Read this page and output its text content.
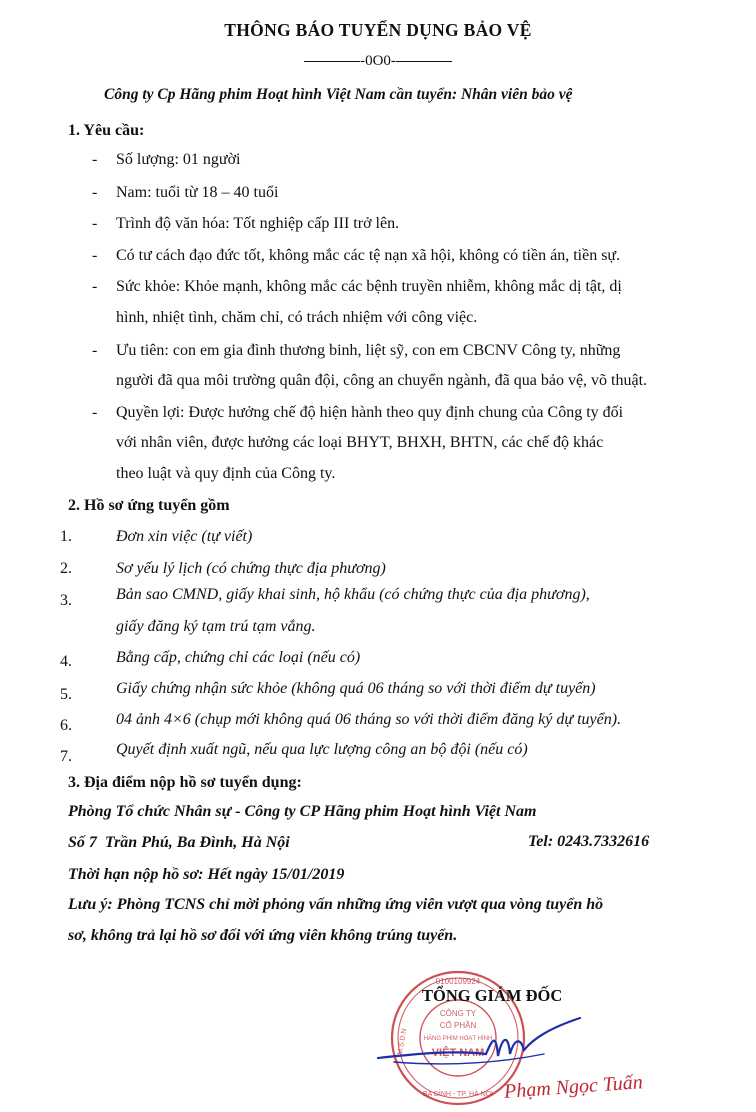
THÔNG BÁO TUYỂN DỤNG BẢO VỆ
-0O0-
Công ty Cp Hãng phim Hoạt hình Việt Nam cần tuyển: Nhân viên bảo vệ
1. Yêu cầu:
- Số lượng: 01 người
- Nam: tuổi từ 18 – 40 tuổi
- Trình độ văn hóa: Tốt nghiệp cấp III trở lên.
- Có tư cách đạo đức tốt, không mắc các tệ nạn xã hội, không có tiền án, tiền sự.
- Sức khỏe: Khỏe mạnh, không mắc các bệnh truyền nhiễm, không mắc dị tật, dị
hình, nhiệt tình, chăm chỉ, có trách nhiệm với công việc.
- Ưu tiên: con em gia đình thương binh, liệt sỹ, con em CBCNV Công ty, những
người đã qua môi trường quân đội, công an chuyển ngành, đã qua bảo vệ, võ thuật.
- Quyền lợi: Được hưởng chế độ hiện hành theo quy định chung của Công ty đối
với nhân viên, được hưởng các loại BHYT, BHXH, BHTN, các chế độ khác
theo luật và quy định của Công ty.
2. Hồ sơ ứng tuyển gồm
1.	Đơn xin việc (tự viết)
2.	Sơ yếu lý lịch (có chứng thực địa phương)
3.	Bản sao CMND, giấy khai sinh, hộ khẩu (có chứng thực của địa phương),
giấy đăng ký tạm trú tạm vắng.
4.	Bằng cấp, chứng chỉ các loại (nếu có)
5.	Giấy chứng nhận sức khỏe (không quá 06 tháng so với thời điểm dự tuyển)
6.	04 ảnh 4×6 (chụp mới không quá 06 tháng so với thời điểm đăng ký dự tuyển).
7.	Quyết định xuất ngũ, nếu qua lực lượng công an bộ đội (nếu có)
3. Địa điểm nộp hồ sơ tuyển dụng:
Phòng Tổ chức Nhân sự - Công ty CP Hãng phim Hoạt hình Việt Nam
Số 7  Trần Phú, Ba Đình, Hà Nội	Tel: 0243.7332616
Thời hạn nộp hồ sơ: Hết ngày 15/01/2019
Lưu ý: Phòng TCNS chỉ mời phỏng vấn những ứng viên vượt qua vòng tuyển hồ
sơ, không trả lại hồ sơ đối với ứng viên không trúng tuyển.
0100109924
CÔNG TY
CỔ PHẦN
HÃNG PHIM HOẠT HÌNH
VIỆT NAM
BA ĐÌNH - TP. HÀ NỘI
M.S.D.N
TỔNG GIÁM ĐỐC
Phạm Ngọc Tuấn
